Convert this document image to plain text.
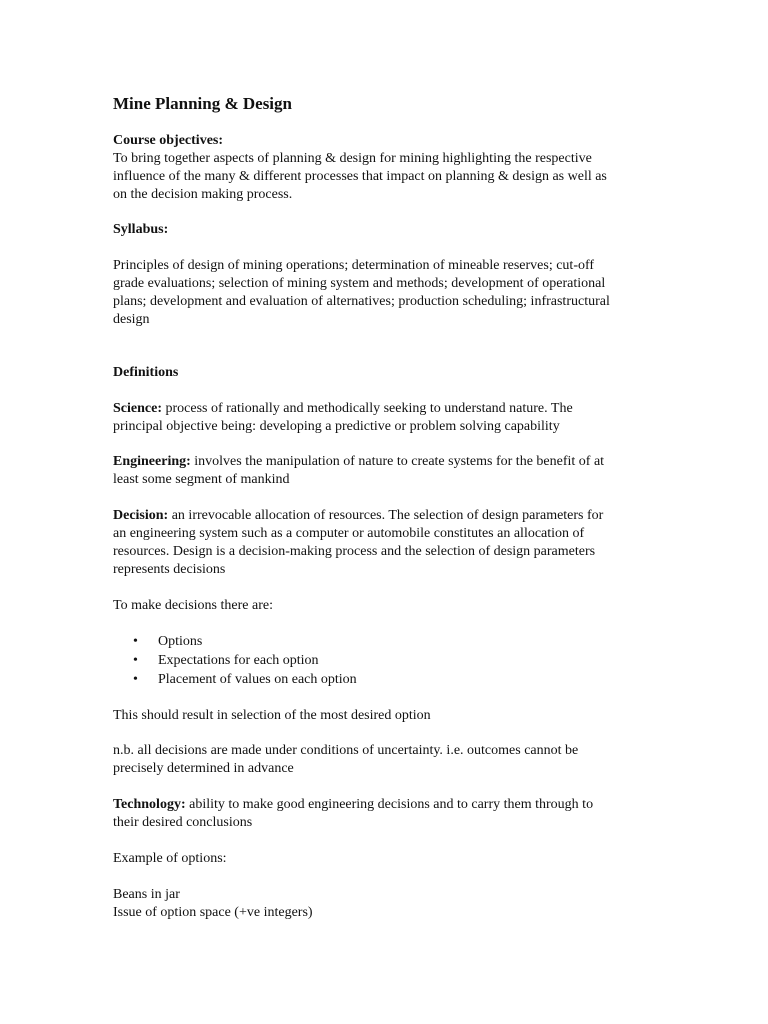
Mine Planning & Design
Course objectives:
To bring together aspects of planning & design for mining highlighting the respective
influence of the many & different processes that impact on planning & design as well as
on the decision making process.
Syllabus:
Principles of design of mining operations; determination of mineable reserves; cut-off
grade evaluations; selection of mining system and methods; development of operational
plans; development and evaluation of alternatives; production scheduling; infrastructural
design
Definitions
Science: process of rationally and methodically seeking to understand nature. The
principal objective being: developing a predictive or problem solving capability
Engineering: involves the manipulation of nature to create systems for the benefit of at
least some segment of mankind
Decision: an irrevocable allocation of resources. The selection of design parameters for
an engineering system such as a computer or automobile constitutes an allocation of
resources. Design is a decision-making process and the selection of design parameters
represents decisions
To make decisions there are:
• Options
• Expectations for each option
• Placement of values on each option
This should result in selection of the most desired option
n.b. all decisions are made under conditions of uncertainty. i.e. outcomes cannot be
precisely determined in advance
Technology: ability to make good engineering decisions and to carry them through to
their desired conclusions
Example of options:
Beans in jar
Issue of option space (+ve integers)
